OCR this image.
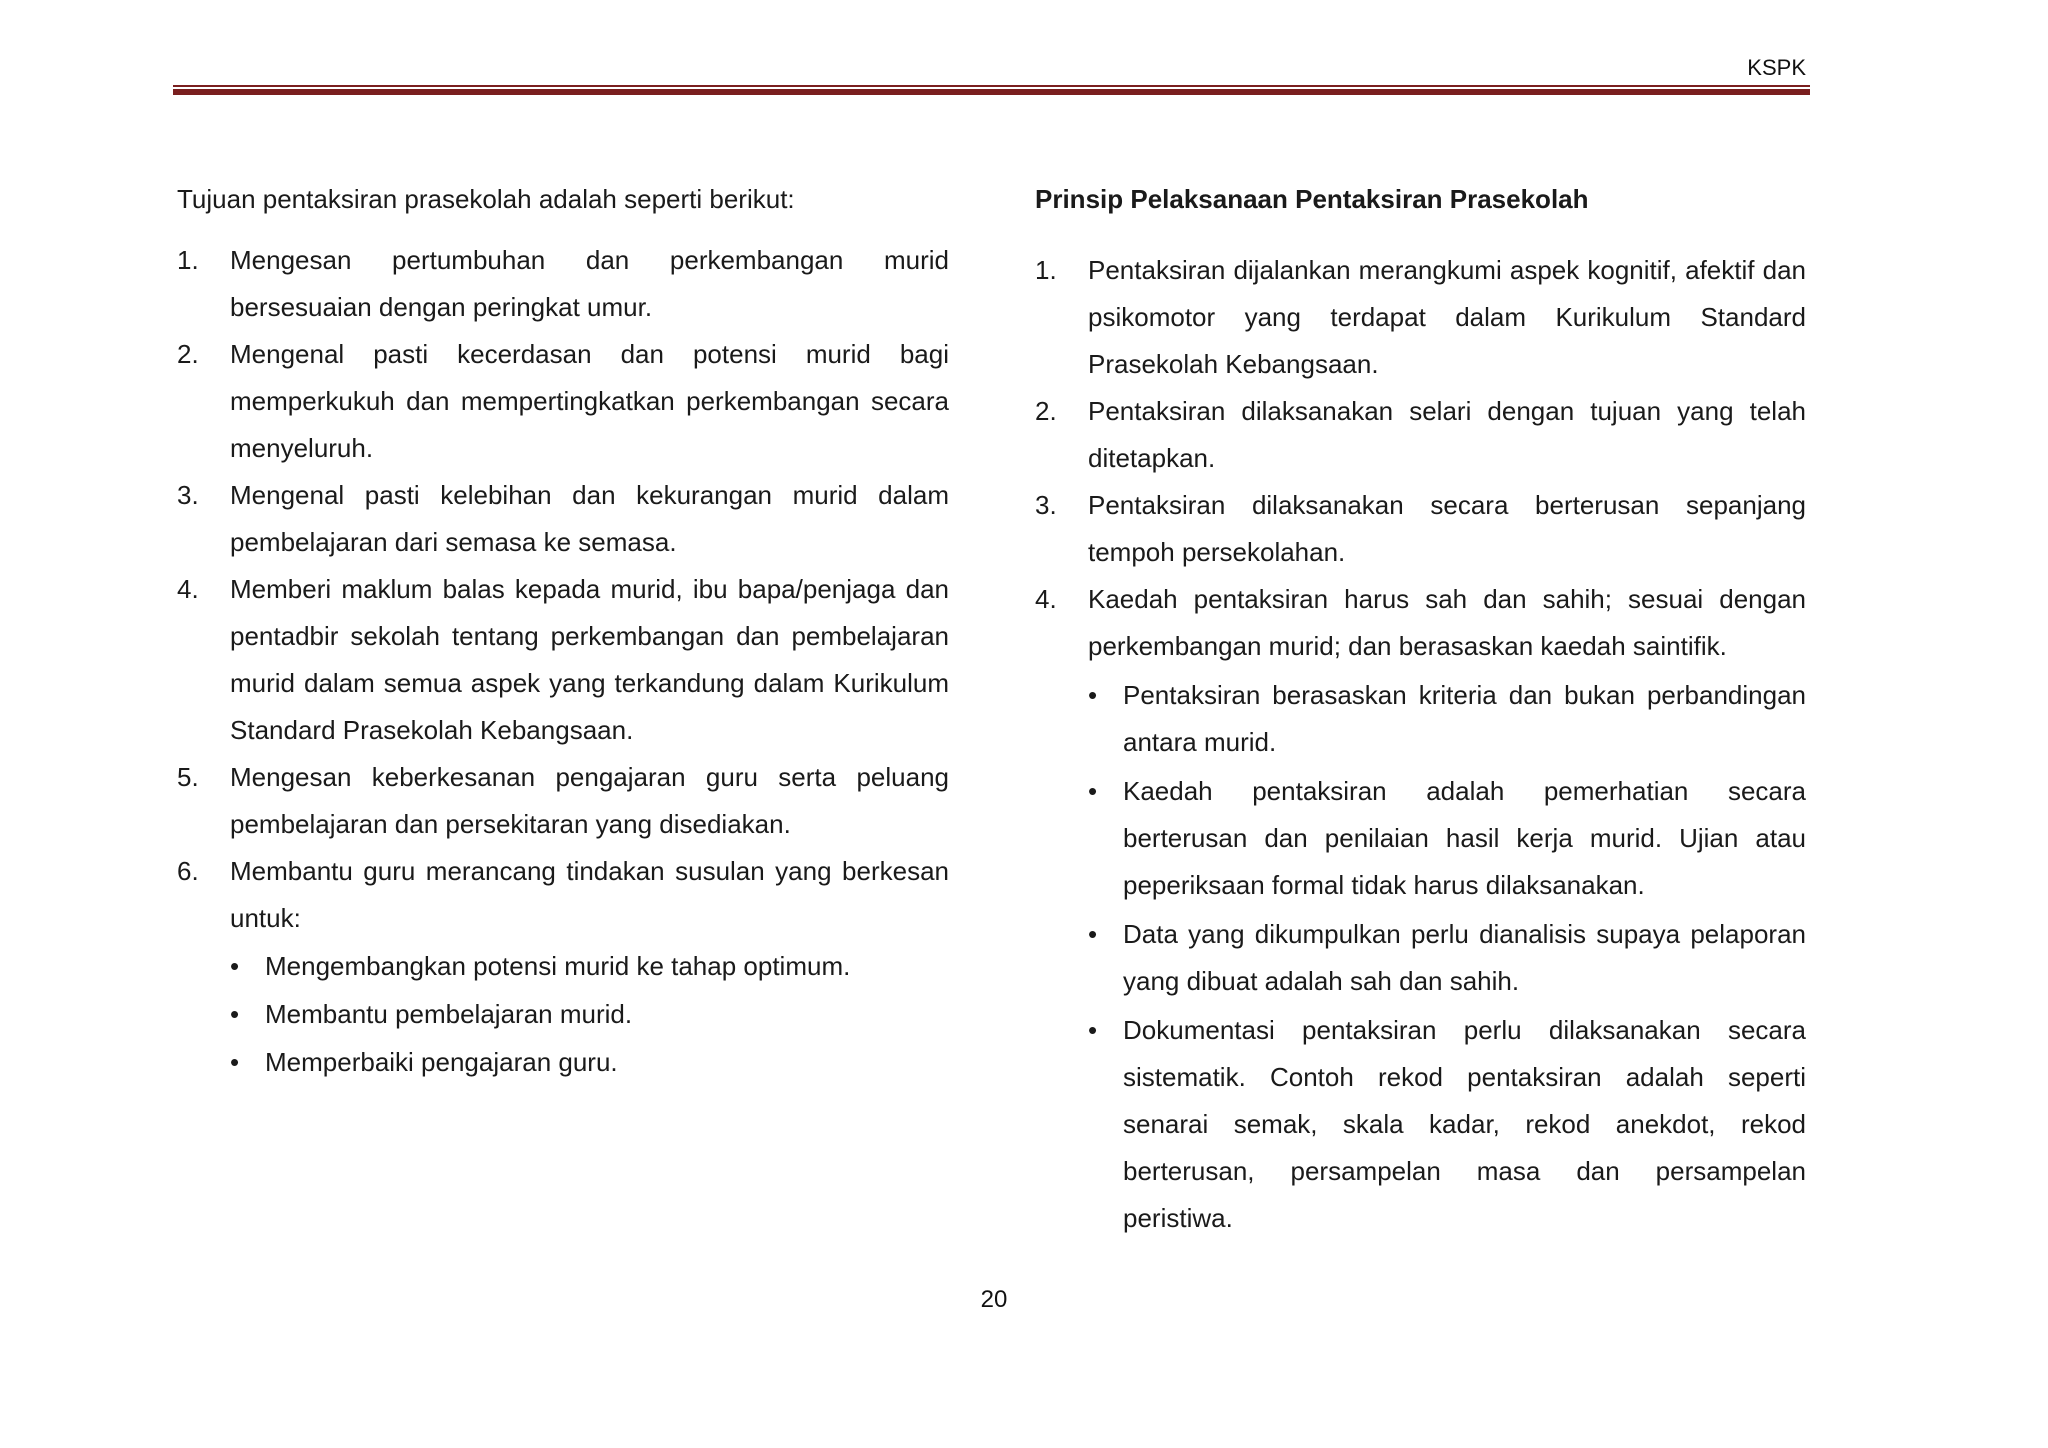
KSPK

Tujuan pentaksiran prasekolah adalah seperti berikut:

1. Mengesan pertumbuhan dan perkembangan murid bersesuaian dengan peringkat umur.
2. Mengenal pasti kecerdasan dan potensi murid bagi memperkukuh dan mempertingkatkan perkembangan secara menyeluruh.
3. Mengenal pasti kelebihan dan kekurangan murid dalam pembelajaran dari semasa ke semasa.
4. Memberi maklum balas kepada murid, ibu bapa/penjaga dan pentadbir sekolah tentang perkembangan dan pembelajaran murid dalam semua aspek yang terkandung dalam Kurikulum Standard Prasekolah Kebangsaan.
5. Mengesan keberkesanan pengajaran guru serta peluang pembelajaran dan persekitaran yang disediakan.
6. Membantu guru merancang tindakan susulan yang berkesan untuk:
• Mengembangkan potensi murid ke tahap optimum.
• Membantu pembelajaran murid.
• Memperbaiki pengajaran guru.

Prinsip Pelaksanaan Pentaksiran Prasekolah

1. Pentaksiran dijalankan merangkumi aspek kognitif, afektif dan psikomotor yang terdapat dalam Kurikulum Standard Prasekolah Kebangsaan.
2. Pentaksiran dilaksanakan selari dengan tujuan yang telah ditetapkan.
3. Pentaksiran dilaksanakan secara berterusan sepanjang tempoh persekolahan.
4. Kaedah pentaksiran harus sah dan sahih; sesuai dengan perkembangan murid; dan berasaskan kaedah saintifik.
• Pentaksiran berasaskan kriteria dan bukan perbandingan antara murid.
• Kaedah pentaksiran adalah pemerhatian secara berterusan dan penilaian hasil kerja murid. Ujian atau peperiksaan formal tidak harus dilaksanakan.
• Data yang dikumpulkan perlu dianalisis supaya pelaporan yang dibuat adalah sah dan sahih.
• Dokumentasi pentaksiran perlu dilaksanakan secara sistematik. Contoh rekod pentaksiran adalah seperti senarai semak, skala kadar, rekod anekdot, rekod berterusan, persampelan masa dan persampelan peristiwa.
20
